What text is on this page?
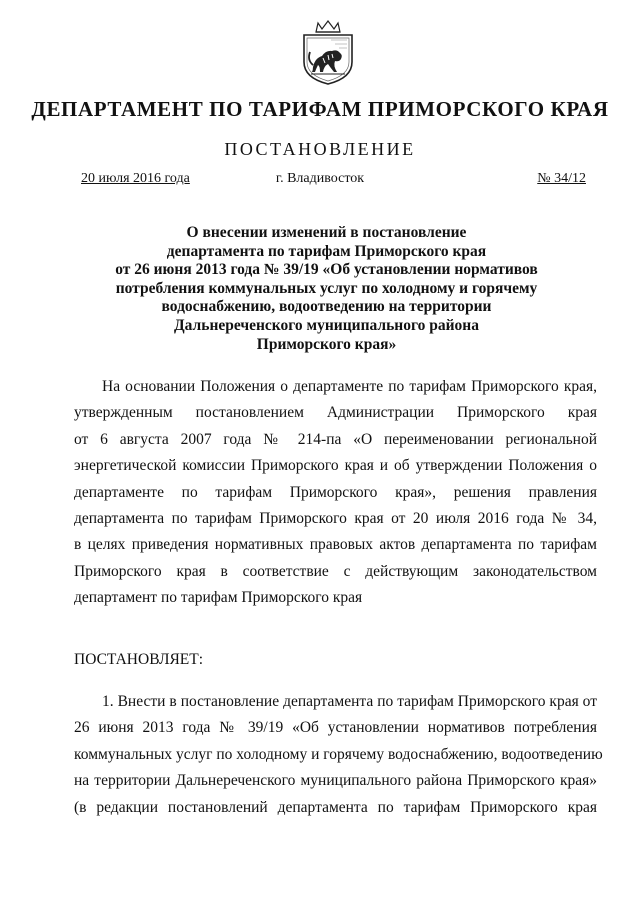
ДЕПАРТАМЕНТ ПО ТАРИФАМ ПРИМОРСКОГО КРАЯ
ПОСТАНОВЛЕНИЕ
20 июля 2016 года	г. Владивосток	№ 34/12
О внесении изменений в постановление
департамента по тарифам Приморского края
от 26 июня 2013 года № 39/19 «Об установлении нормативов
потребления коммунальных услуг по холодному и горячему
водоснабжению, водоотведению на территории
Дальнереченского муниципального района
Приморского края»
На основании Положения о департаменте по тарифам Приморского края,
утвержденным постановлением Администрации Приморского края
от 6 августа 2007 года № 214-па «О переименовании региональной
энергетической комиссии Приморского края и об утверждении Положения о
департаменте по тарифам Приморского края», решения правления
департамента по тарифам Приморского края от 20 июля 2016 года № 34,
в целях приведения нормативных правовых актов департамента по тарифам
Приморского края в соответствие с действующим законодательством
департамент по тарифам Приморского края
ПОСТАНОВЛЯЕТ:
1. Внести в постановление департамента по тарифам Приморского края от
26 июня 2013 года № 39/19 «Об установлении нормативов потребления
коммунальных услуг по холодному и горячему водоснабжению, водоотведению
на территории Дальнереченского муниципального района Приморского края»
(в редакции постановлений департамента по тарифам Приморского края
